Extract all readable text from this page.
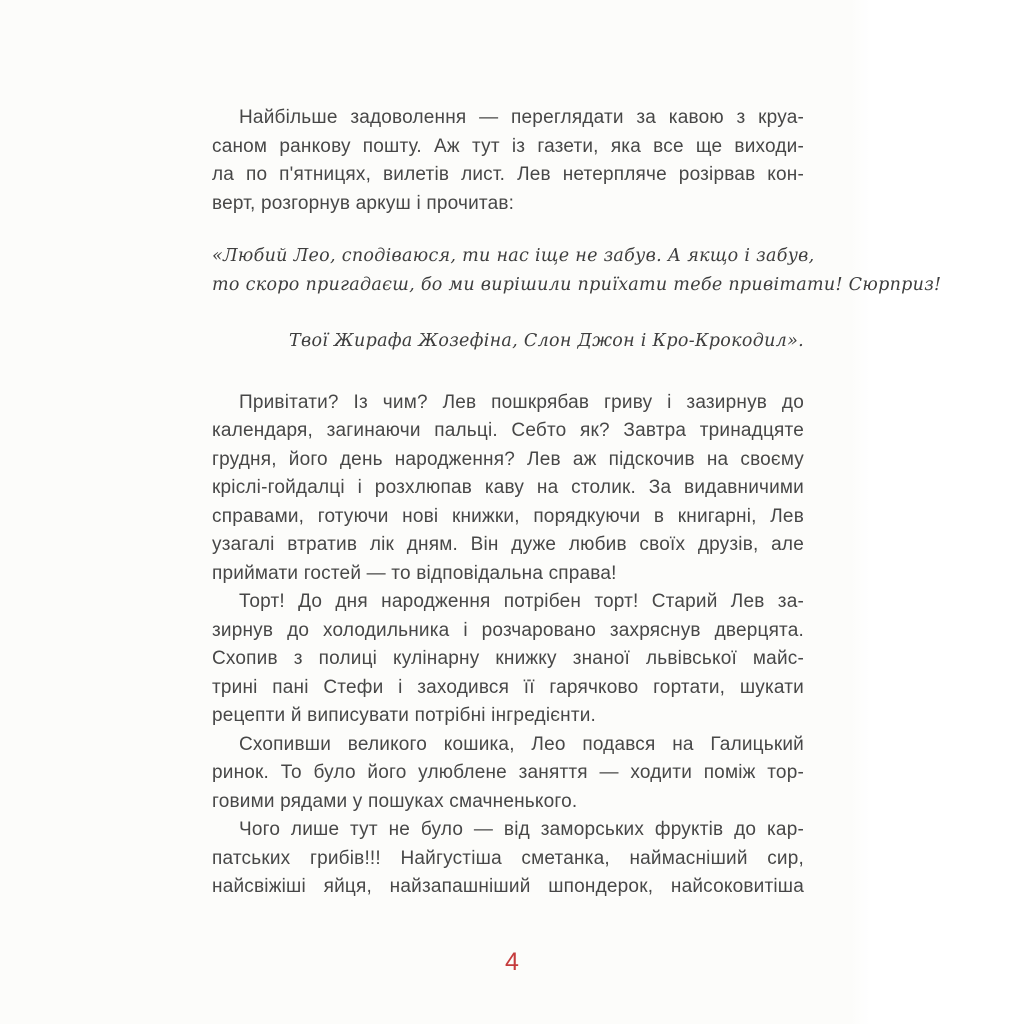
Найбільше задоволення — переглядати за кавою з круа-
саном ранкову пошту. Аж тут із газети, яка все ще виходи-
ла по п'ятницях, вилетів лист. Лев нетерпляче розірвав кон-
верт, розгорнув аркуш і прочитав:
«Любий Лео, сподіваюся, ти нас іще не забув. А якщо і забув,
то скоро пригадаєш, бо ми вирішили приїхати тебе привітати! Сюрприз!
Твої Жирафа Жозефіна, Слон Джон і Кро-Крокодил».
Привітати? Із чим? Лев пошкрябав гриву і зазирнув до
календаря, загинаючи пальці. Себто як? Завтра тринадцяте
грудня, його день народження? Лев аж підскочив на своєму
кріслі-гойдалці і розхлюпав каву на столик. За видавничими
справами, готуючи нові книжки, порядкуючи в книгарні, Лев
узагалі втратив лік дням. Він дуже любив своїх друзів, але
приймати гостей — то відповідальна справа!
Торт! До дня народження потрібен торт! Старий Лев за-
зирнув до холодильника і розчаровано захряснув дверцята.
Схопив з полиці кулінарну книжку знаної львівської майс-
трині пані Стефи і заходився її гарячково гортати, шукати
рецепти й виписувати потрібні інгредієнти.
Схопивши великого кошика, Лео подався на Галицький
ринок. То було його улюблене заняття — ходити поміж тор-
говими рядами у пошуках смачненького.
Чого лише тут не було — від заморських фруктів до кар-
патських грибів!!! Найгустіша сметанка, наймасніший сир,
найсвіжіші яйця, найзапашніший шпондерок, найсоковитіша
4
